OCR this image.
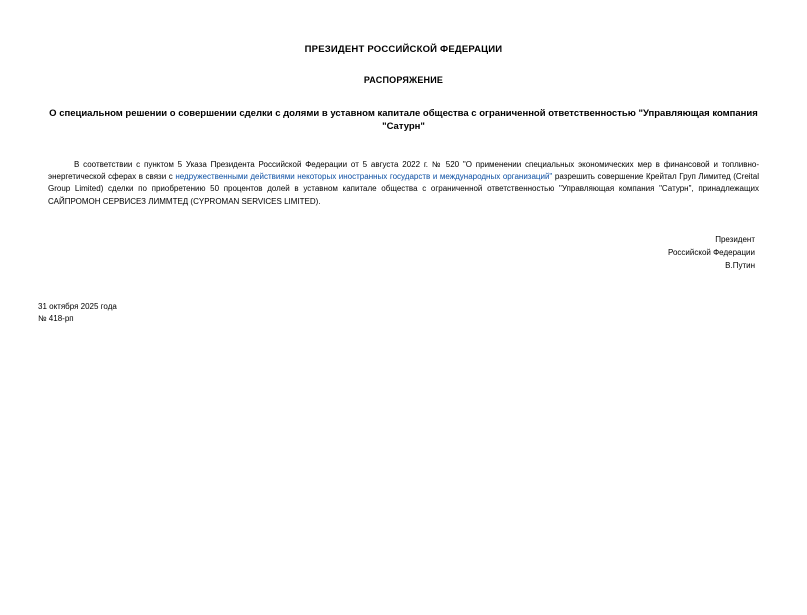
ПРЕЗИДЕНТ РОССИЙСКОЙ ФЕДЕРАЦИИ
РАСПОРЯЖЕНИЕ
О специальном решении о совершении сделки с долями в уставном капитале общества с ограниченной ответственностью "Управляющая компания "Сатурн"
В соответствии с пунктом 5 Указа Президента Российской Федерации от 5 августа 2022 г. № 520 "О применении специальных экономических мер в финансовой и топливно-энергетической сферах в связи с недружественными действиями некоторых иностранных государств и международных организаций" разрешить совершение Крейтал Груп Лимитед (Creital Group Limited) сделки по приобретению 50 процентов долей в уставном капитале общества с ограниченной ответственностью "Управляющая компания "Сатурн", принадлежащих САЙПРОМОН СЕРВИСЕЗ ЛИММТЕД (CYPROMAN SERVICES LIMITED).
Президент
Российской Федерации
В.Путин
31 октября 2025 года
№ 418-рп
